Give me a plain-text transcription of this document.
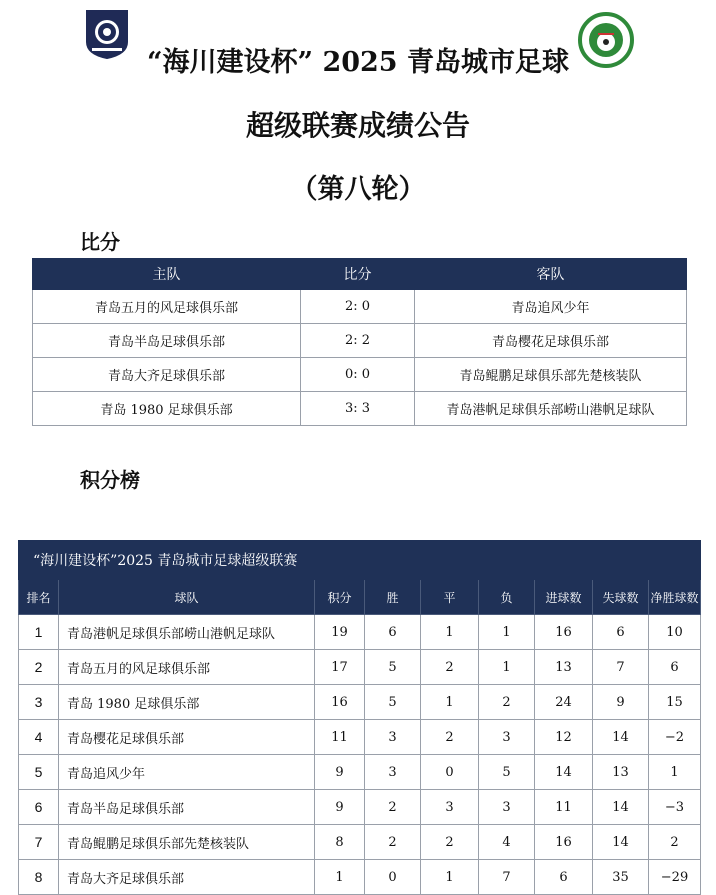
“海川建设杯” 2025 青岛城市足球
超级联赛成绩公告
（第八轮）
比分
主队	比分	客队
青岛五月的风足球俱乐部	2: 0	青岛追风少年
青岛半岛足球俱乐部	2: 2	青岛樱花足球俱乐部
青岛大齐足球俱乐部	0: 0	青岛鲲鹏足球俱乐部先楚核装队
青岛 1980 足球俱乐部	3: 3	青岛港帆足球俱乐部崂山港帆足球队
积分榜
“海川建设杯”2025 青岛城市足球超级联赛								
排名	球队	积分	胜	平	负	进球数	失球数	净胜球数
1	青岛港帆足球俱乐部崂山港帆足球队	19	6	1	1	16	6	10
2	青岛五月的风足球俱乐部	17	5	2	1	13	7	6
3	青岛 1980 足球俱乐部	16	5	1	2	24	9	15
4	青岛樱花足球俱乐部	11	3	2	3	12	14	−2
5	青岛追风少年	9	3	0	5	14	13	1
6	青岛半岛足球俱乐部	9	2	3	3	11	14	−3
7	青岛鲲鹏足球俱乐部先楚核装队	8	2	2	4	16	14	2
8	青岛大齐足球俱乐部	1	0	1	7	6	35	−29
